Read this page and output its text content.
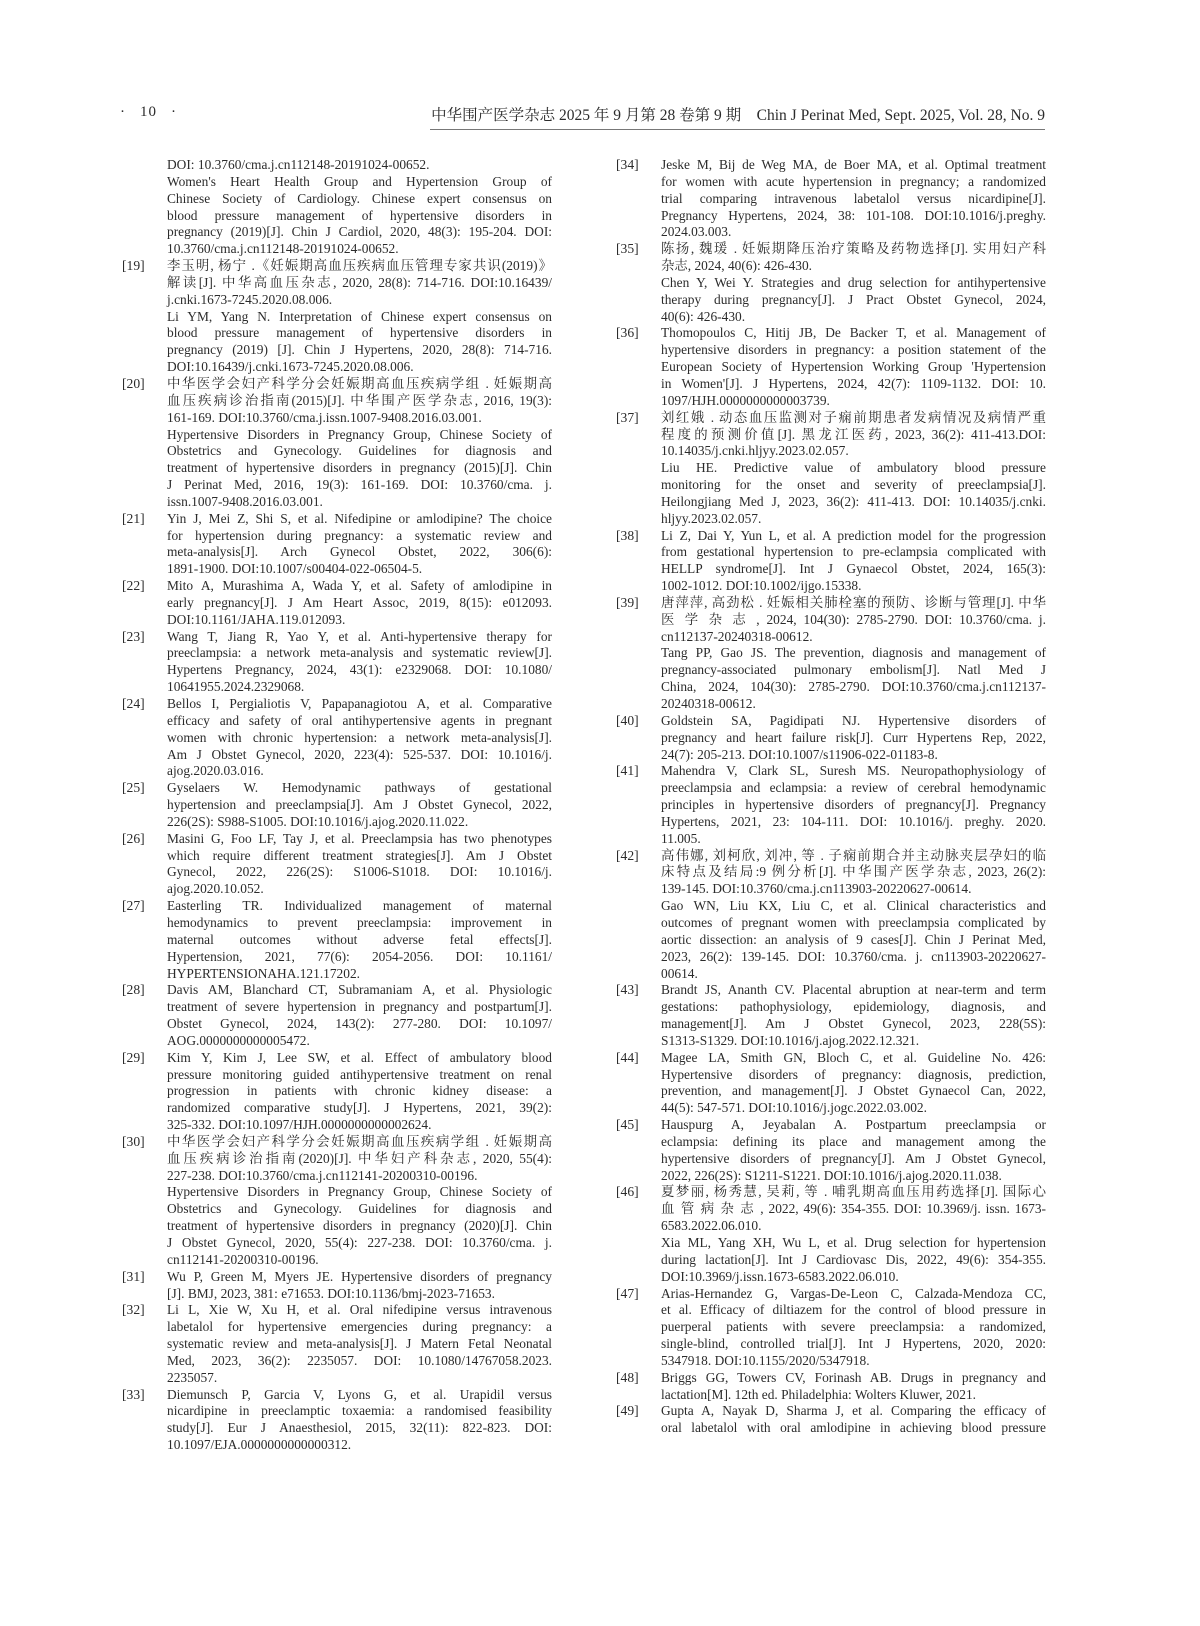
· 10 ·	中华围产医学杂志 2025 年 9 月第 28 卷第 9 期 Chin J Perinat Med, Sept. 2025, Vol. 28, No. 9
DOI: 10.3760/cma.j.cn112148-20191024-00652.
Women's Heart Health Group and Hypertension Group of
Chinese Society of Cardiology. Chinese expert consensus on
blood pressure management of hypertensive disorders in
pregnancy (2019)[J]. Chin J Cardiol, 2020, 48(3): 195-204. DOI:
10.3760/cma.j.cn112148-20191024-00652.
[19] 李玉明, 杨宁 .《妊娠期高血压疾病血压管理专家共识(2019)》
解读[J]. 中华高血压杂志, 2020, 28(8): 714-716. DOI:10.16439/
j.cnki.1673-7245.2020.08.006.
Li YM, Yang N. Interpretation of Chinese expert consensus on
blood pressure management of hypertensive disorders in
pregnancy (2019) [J]. Chin J Hypertens, 2020, 28(8): 714-716.
DOI:10.16439/j.cnki.1673-7245.2020.08.006.
[20] 中华医学会妇产科学分会妊娠期高血压疾病学组 . 妊娠期高
血压疾病诊治指南(2015)[J]. 中华围产医学杂志, 2016, 19(3):
161-169. DOI:10.3760/cma.j.issn.1007-9408.2016.03.001.
Hypertensive Disorders in Pregnancy Group, Chinese Society of
Obstetrics and Gynecology. Guidelines for diagnosis and
treatment of hypertensive disorders in pregnancy (2015)[J]. Chin
J Perinat Med, 2016, 19(3): 161-169. DOI: 10.3760/cma. j.
issn.1007-9408.2016.03.001.
[21] Yin J, Mei Z, Shi S, et al. Nifedipine or amlodipine? The choice
for hypertension during pregnancy: a systematic review and
meta-analysis[J]. Arch Gynecol Obstet, 2022, 306(6):
1891-1900. DOI:10.1007/s00404-022-06504-5.
[22] Mito A, Murashima A, Wada Y, et al. Safety of amlodipine in
early pregnancy[J]. J Am Heart Assoc, 2019, 8(15): e012093.
DOI:10.1161/JAHA.119.012093.
[23] Wang T, Jiang R, Yao Y, et al. Anti-hypertensive therapy for
preeclampsia: a network meta-analysis and systematic review[J].
Hypertens Pregnancy, 2024, 43(1): e2329068. DOI: 10.1080/
10641955.2024.2329068.
[24] Bellos I, Pergialiotis V, Papapanagiotou A, et al. Comparative
efficacy and safety of oral antihypertensive agents in pregnant
women with chronic hypertension: a network meta-analysis[J].
Am J Obstet Gynecol, 2020, 223(4): 525-537. DOI: 10.1016/j.
ajog.2020.03.016.
[25] Gyselaers W. Hemodynamic pathways of gestational
hypertension and preeclampsia[J]. Am J Obstet Gynecol, 2022,
226(2S): S988-S1005. DOI:10.1016/j.ajog.2020.11.022.
[26] Masini G, Foo LF, Tay J, et al. Preeclampsia has two phenotypes
which require different treatment strategies[J]. Am J Obstet
Gynecol, 2022, 226(2S): S1006-S1018. DOI: 10.1016/j.
ajog.2020.10.052.
[27] Easterling TR. Individualized management of maternal
hemodynamics to prevent preeclampsia: improvement in
maternal outcomes without adverse fetal effects[J].
Hypertension, 2021, 77(6): 2054-2056. DOI: 10.1161/
HYPERTENSIONAHA.121.17202.
[28] Davis AM, Blanchard CT, Subramaniam A, et al. Physiologic
treatment of severe hypertension in pregnancy and postpartum[J].
Obstet Gynecol, 2024, 143(2): 277-280. DOI: 10.1097/
AOG.0000000000005472.
[29] Kim Y, Kim J, Lee SW, et al. Effect of ambulatory blood
pressure monitoring guided antihypertensive treatment on renal
progression in patients with chronic kidney disease: a
randomized comparative study[J]. J Hypertens, 2021, 39(2):
325-332. DOI:10.1097/HJH.0000000000002624.
[30] 中华医学会妇产科学分会妊娠期高血压疾病学组 . 妊娠期高
血压疾病诊治指南(2020)[J]. 中华妇产科杂志, 2020, 55(4):
227-238. DOI:10.3760/cma.j.cn112141-20200310-00196.
Hypertensive Disorders in Pregnancy Group, Chinese Society of
Obstetrics and Gynecology. Guidelines for diagnosis and
treatment of hypertensive disorders in pregnancy (2020)[J]. Chin
J Obstet Gynecol, 2020, 55(4): 227-238. DOI: 10.3760/cma. j.
cn112141-20200310-00196.
[31] Wu P, Green M, Myers JE. Hypertensive disorders of pregnancy
[J]. BMJ, 2023, 381: e71653. DOI:10.1136/bmj-2023-71653.
[32] Li L, Xie W, Xu H, et al. Oral nifedipine versus intravenous
labetalol for hypertensive emergencies during pregnancy: a
systematic review and meta-analysis[J]. J Matern Fetal Neonatal
Med, 2023, 36(2): 2235057. DOI: 10.1080/14767058.2023.
2235057.
[33] Diemunsch P, Garcia V, Lyons G, et al. Urapidil versus
nicardipine in preeclamptic toxaemia: a randomised feasibility
study[J]. Eur J Anaesthesiol, 2015, 32(11): 822-823. DOI:
10.1097/EJA.0000000000000312.
[34] Jeske M, Bij de Weg MA, de Boer MA, et al. Optimal treatment
for women with acute hypertension in pregnancy; a randomized
trial comparing intravenous labetalol versus nicardipine[J].
Pregnancy Hypertens, 2024, 38: 101-108. DOI:10.1016/j.preghy.
2024.03.003.
[35] 陈扬, 魏瑗 . 妊娠期降压治疗策略及药物选择[J]. 实用妇产科
杂志, 2024, 40(6): 426-430.
Chen Y, Wei Y. Strategies and drug selection for antihypertensive
therapy during pregnancy[J]. J Pract Obstet Gynecol, 2024,
40(6): 426-430.
[36] Thomopoulos C, Hitij JB, De Backer T, et al. Management of
hypertensive disorders in pregnancy: a position statement of the
European Society of Hypertension Working Group 'Hypertension
in Women'[J]. J Hypertens, 2024, 42(7): 1109-1132. DOI: 10.
1097/HJH.0000000000003739.
[37] 刘红娥 . 动态血压监测对子痫前期患者发病情况及病情严重
程度的预测价值[J]. 黑龙江医药, 2023, 36(2): 411-413.DOI:
10.14035/j.cnki.hljyy.2023.02.057.
Liu HE. Predictive value of ambulatory blood pressure
monitoring for the onset and severity of preeclampsia[J].
Heilongjiang Med J, 2023, 36(2): 411-413. DOI: 10.14035/j.cnki.
hljyy.2023.02.057.
[38] Li Z, Dai Y, Yun L, et al. A prediction model for the progression
from gestational hypertension to pre-eclampsia complicated with
HELLP syndrome[J]. Int J Gynaecol Obstet, 2024, 165(3):
1002-1012. DOI:10.1002/ijgo.15338.
[39] 唐萍萍, 高劲松 . 妊娠相关肺栓塞的预防、诊断与管理[J]. 中华
医 学 杂 志 , 2024, 104(30): 2785-2790. DOI: 10.3760/cma. j.
cn112137-20240318-00612.
Tang PP, Gao JS. The prevention, diagnosis and management of
pregnancy-associated pulmonary embolism[J]. Natl Med J
China, 2024, 104(30): 2785-2790. DOI:10.3760/cma.j.cn112137-
20240318-00612.
[40] Goldstein SA, Pagidipati NJ. Hypertensive disorders of
pregnancy and heart failure risk[J]. Curr Hypertens Rep, 2022,
24(7): 205-213. DOI:10.1007/s11906-022-01183-8.
[41] Mahendra V, Clark SL, Suresh MS. Neuropathophysiology of
preeclampsia and eclampsia: a review of cerebral hemodynamic
principles in hypertensive disorders of pregnancy[J]. Pregnancy
Hypertens, 2021, 23: 104-111. DOI: 10.1016/j. preghy. 2020.
11.005.
[42] 高伟娜, 刘柯欣, 刘冲, 等 . 子痫前期合并主动脉夹层孕妇的临
床特点及结局:9 例分析[J]. 中华围产医学杂志, 2023, 26(2):
139-145. DOI:10.3760/cma.j.cn113903-20220627-00614.
Gao WN, Liu KX, Liu C, et al. Clinical characteristics and
outcomes of pregnant women with preeclampsia complicated by
aortic dissection: an analysis of 9 cases[J]. Chin J Perinat Med,
2023, 26(2): 139-145. DOI: 10.3760/cma. j. cn113903-20220627-
00614.
[43] Brandt JS, Ananth CV. Placental abruption at near-term and term
gestations: pathophysiology, epidemiology, diagnosis, and
management[J]. Am J Obstet Gynecol, 2023, 228(5S):
S1313-S1329. DOI:10.1016/j.ajog.2022.12.321.
[44] Magee LA, Smith GN, Bloch C, et al. Guideline No. 426:
Hypertensive disorders of pregnancy: diagnosis, prediction,
prevention, and management[J]. J Obstet Gynaecol Can, 2022,
44(5): 547-571. DOI:10.1016/j.jogc.2022.03.002.
[45] Hauspurg A, Jeyabalan A. Postpartum preeclampsia or
eclampsia: defining its place and management among the
hypertensive disorders of pregnancy[J]. Am J Obstet Gynecol,
2022, 226(2S): S1211-S1221. DOI:10.1016/j.ajog.2020.11.038.
[46] 夏梦丽, 杨秀慧, 吴莉, 等 . 哺乳期高血压用药选择[J]. 国际心
血 管 病 杂 志 , 2022, 49(6): 354-355. DOI: 10.3969/j. issn. 1673-
6583.2022.06.010.
Xia ML, Yang XH, Wu L, et al. Drug selection for hypertension
during lactation[J]. Int J Cardiovasc Dis, 2022, 49(6): 354-355.
DOI:10.3969/j.issn.1673-6583.2022.06.010.
[47] Arias-Hernandez G, Vargas-De-Leon C, Calzada-Mendoza CC,
et al. Efficacy of diltiazem for the control of blood pressure in
puerperal patients with severe preeclampsia: a randomized,
single-blind, controlled trial[J]. Int J Hypertens, 2020, 2020:
5347918. DOI:10.1155/2020/5347918.
[48] Briggs GG, Towers CV, Forinash AB. Drugs in pregnancy and
lactation[M]. 12th ed. Philadelphia: Wolters Kluwer, 2021.
[49] Gupta A, Nayak D, Sharma J, et al. Comparing the efficacy of
oral labetalol with oral amlodipine in achieving blood pressure
